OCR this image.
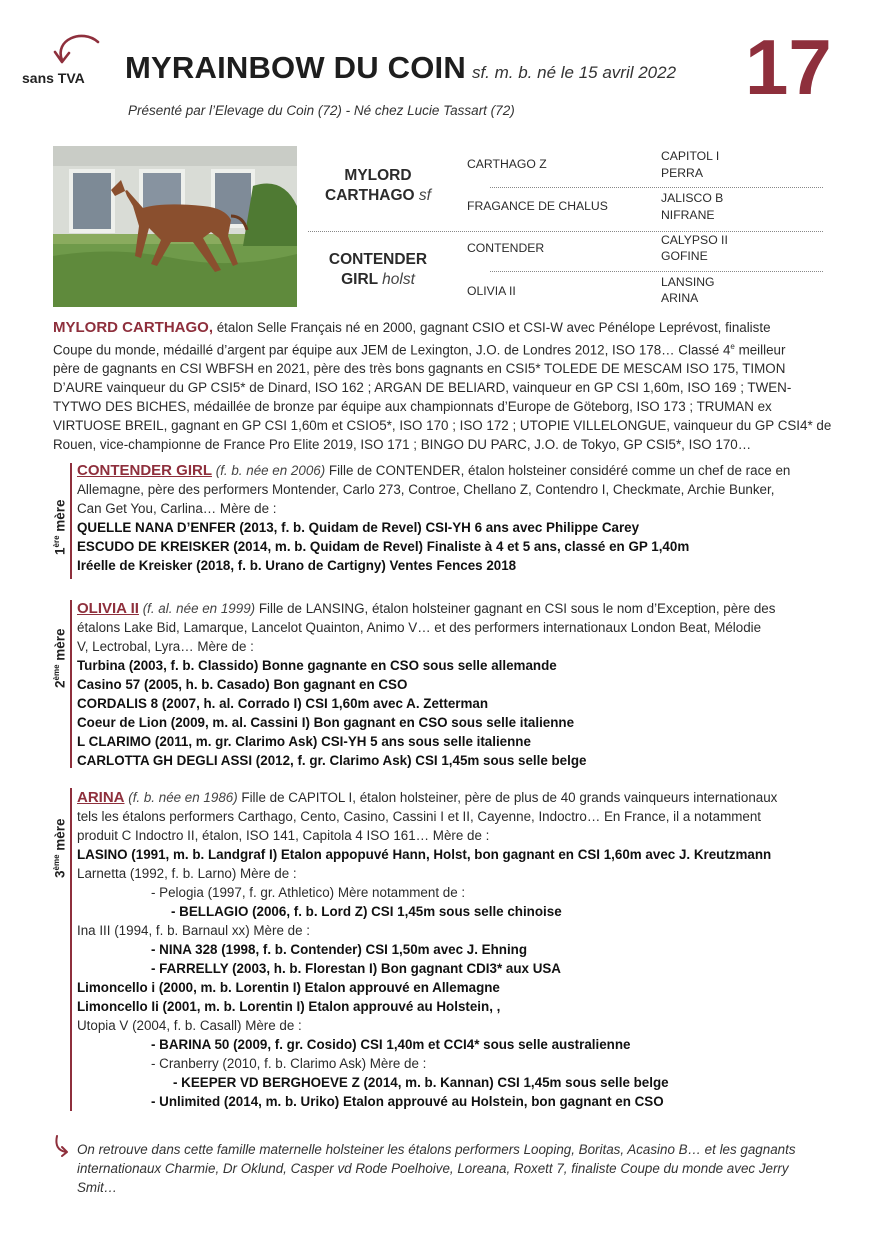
sans TVA MYRAINBOW DU COIN sf. m. b. né le 15 avril 2022 17
Présenté par l’Elevage du Coin (72) - Né chez Lucie Tassart (72)
MYLORD
CARTHAGO sf
CONTENDER
GIRL holst
CARTHAGO Z
FRAGANCE DE CHALUS
CONTENDER
OLIVIA II
CAPITOL I
PERRA
JALISCO B
NIFRANE
CALYPSO II
GOFINE
LANSING
ARINA
MYLORD CARTHAGO, étalon Selle Français né en 2000, gagnant CSIO et CSI-W avec Pénélope Leprévost, finaliste
Coupe du monde, médaillé d’argent par équipe aux JEM de Lexington, J.O. de Londres 2012, ISO 178… Classé 4e meilleur
père de gagnants en CSI WBFSH en 2021, père des très bons gagnants en CSI5* TOLEDE DE MESCAM ISO 175, TIMON
D’AURE vainqueur du GP CSI5* de Dinard, ISO 162 ; ARGAN DE BELIARD, vainqueur en GP CSI 1,60m, ISO 169 ; TWEN-
TYTWO DES BICHES, médaillée de bronze par équipe aux championnats d’Europe de Göteborg, ISO 173 ; TRUMAN ex
VIRTUOSE BREIL, gagnant en GP CSI 1,60m et CSIO5*, ISO 170 ; ISO 172 ; UTOPIE VILLELONGUE, vainqueur du GP CSI4* de
Rouen, vice-championne de France Pro Elite 2019, ISO 171 ; BINGO DU PARC, J.O. de Tokyo, GP CSI5*, ISO 170…
1ère mère
CONTENDER GIRL (f. b. née en 2006) Fille de CONTENDER, étalon holsteiner considéré comme un chef de race en
Allemagne, père des performers Montender, Carlo 273, Controe, Chellano Z, Contendro I, Checkmate, Archie Bunker,
Can Get You, Carlina… Mère de :
QUELLE NANA D’ENFER (2013, f. b. Quidam de Revel) CSI-YH 6 ans avec Philippe Carey
ESCUDO DE KREISKER (2014, m. b. Quidam de Revel) Finaliste à 4 et 5 ans, classé en GP 1,40m
Iréelle de Kreisker (2018, f. b. Urano de Cartigny) Ventes Fences 2018
2ème mère
OLIVIA II (f. al. née en 1999) Fille de LANSING, étalon holsteiner gagnant en CSI sous le nom d’Exception, père des
étalons Lake Bid, Lamarque, Lancelot Quainton, Animo V… et des performers internationaux London Beat, Mélodie
V, Lectrobal, Lyra… Mère de :
Turbina (2003, f. b. Classido) Bonne gagnante en CSO sous selle allemande
Casino 57 (2005, h. b. Casado) Bon gagnant en CSO
CORDALIS 8 (2007, h. al. Corrado I) CSI 1,60m avec A. Zetterman
Coeur de Lion (2009, m. al. Cassini I) Bon gagnant en CSO sous selle italienne
L CLARIMO (2011, m. gr. Clarimo Ask) CSI-YH 5 ans sous selle italienne
CARLOTTA GH DEGLI ASSI (2012, f. gr. Clarimo Ask) CSI 1,45m sous selle belge
3ème mère
ARINA (f. b. née en 1986) Fille de CAPITOL I, étalon holsteiner, père de plus de 40 grands vainqueurs internationaux
tels les étalons performers Carthago, Cento, Casino, Cassini I et II, Cayenne, Indoctro… En France, il a notamment
produit C Indoctro II, étalon, ISO 141, Capitola 4 ISO 161… Mère de :
LASINO (1991, m. b. Landgraf I) Etalon appopuvé Hann, Holst, bon gagnant en CSI 1,60m avec J. Kreutzmann
Larnetta (1992, f. b. Larno) Mère de :
- Pelogia (1997, f. gr. Athletico) Mère notamment de :
- BELLAGIO (2006, f. b. Lord Z) CSI 1,45m sous selle chinoise
Ina III (1994, f. b. Barnaul xx) Mère de :
- NINA 328 (1998, f. b. Contender) CSI 1,50m avec J. Ehning
- FARRELLY (2003, h. b. Florestan I) Bon gagnant CDI3* aux USA
Limoncello i (2000, m. b. Lorentin I) Etalon approuvé en Allemagne
Limoncello Ii (2001, m. b. Lorentin I) Etalon approuvé au Holstein, ,
Utopia V (2004, f. b. Casall) Mère de :
- BARINA 50 (2009, f. gr. Cosido) CSI 1,40m et CCI4* sous selle australienne
- Cranberry (2010, f. b. Clarimo Ask) Mère de :
- KEEPER VD BERGHOEVE Z (2014, m. b. Kannan) CSI 1,45m sous selle belge
- Unlimited (2014, m. b. Uriko) Etalon approuvé au Holstein, bon gagnant en CSO
On retrouve dans cette famille maternelle holsteiner les étalons performers Looping, Boritas, Acasino B… et les gagnants internationaux Charmie, Dr Oklund, Casper vd Rode Poelhoive, Loreana, Roxett 7, finaliste Coupe du monde avec Jerry Smit…
